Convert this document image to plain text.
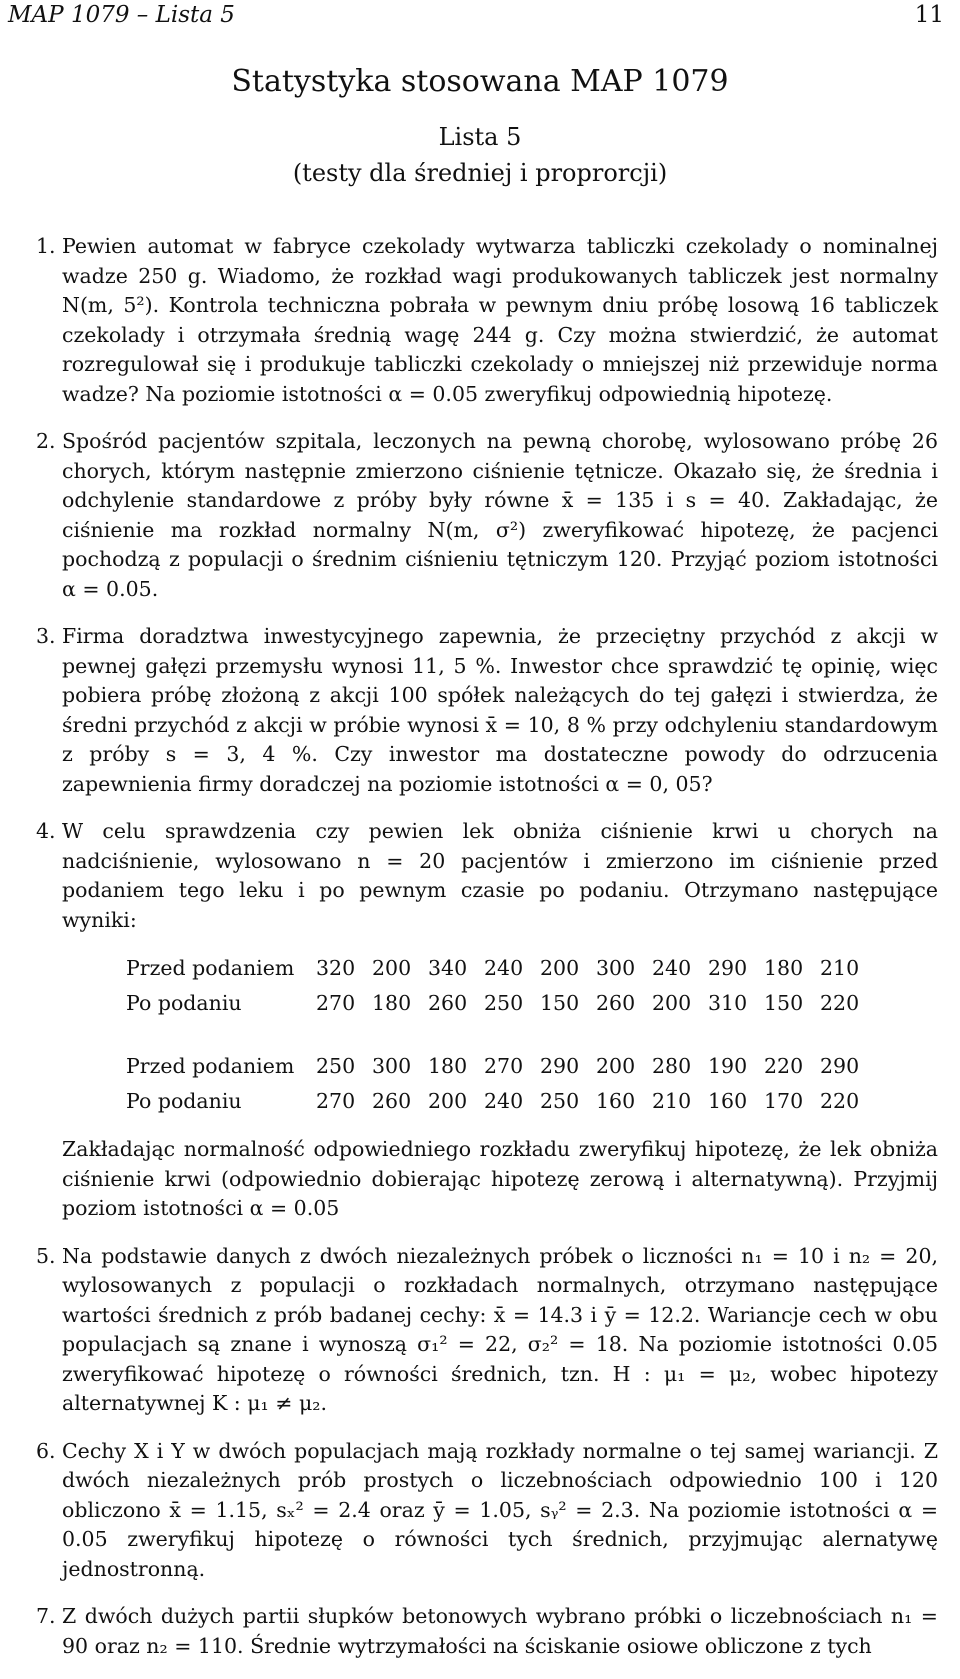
MAP 1079 – Lista 5	11
Statystyka stosowana MAP 1079
Lista 5
(testy dla średniej i proprorcji)
1. Pewien automat w fabryce czekolady wytwarza tabliczki czekolady o nominalnej wadze 250 g. Wiadomo, że rozkład wagi produkowanych tabliczek jest normalny N(m, 5²). Kontrola techniczna pobrała w pewnym dniu próbę losową 16 tabliczek czekolady i otrzymała średnią wagę 244 g. Czy można stwierdzić, że automat rozregulował się i produkuje tabliczki czekolady o mniejszej niż przewiduje norma wadze? Na poziomie istotności α = 0.05 zweryfikuj odpowiednią hipotezę.

2. Spośród pacjentów szpitala, leczonych na pewną chorobę, wylosowano próbę 26 chorych, którym następnie zmierzono ciśnienie tętnicze. Okazało się, że średnia i odchylenie standardowe z próby były równe x̄ = 135 i s = 40. Zakładając, że ciśnienie ma rozkład normalny N(m, σ²) zweryfikować hipotezę, że pacjenci pochodzą z populacji o średnim ciśnieniu tętniczym 120. Przyjąć poziom istotności α = 0.05.

3. Firma doradztwa inwestycyjnego zapewnia, że przeciętny przychód z akcji w pewnej gałęzi przemysłu wynosi 11, 5 %. Inwestor chce sprawdzić tę opinię, więc pobiera próbę złożoną z akcji 100 spółek należących do tej gałęzi i stwierdza, że średni przychód z akcji w próbie wynosi x̄ = 10, 8 % przy odchyleniu standardowym z próby s = 3, 4 %. Czy inwestor ma dostateczne powody do odrzucenia zapewnienia firmy doradczej na poziomie istotności α = 0, 05?

4. W celu sprawdzenia czy pewien lek obniża ciśnienie krwi u chorych na nadciśnienie, wylosowano n = 20 pacjentów i zmierzono im ciśnienie przed podaniem tego leku i po pewnym czasie po podaniu. Otrzymano następujące wyniki:

Przed podaniem	320	200	340	240	200	300	240	290	180	210
Po podaniu	270	180	260	250	150	260	200	310	150	220

Przed podaniem	250	300	180	270	290	200	280	190	220	290
Po podaniu	270	260	200	240	250	160	210	160	170	220

Zakładając normalność odpowiedniego rozkładu zweryfikuj hipotezę, że lek obniża ciśnienie krwi (odpowiednio dobierając hipotezę zerową i alternatywną). Przyjmij poziom istotności α = 0.05

5. Na podstawie danych z dwóch niezależnych próbek o liczności n₁ = 10 i n₂ = 20, wylosowanych z populacji o rozkładach normalnych, otrzymano następujące wartości średnich z prób badanej cechy: x̄ = 14.3 i ȳ = 12.2. Wariancje cech w obu populacjach są znane i wynoszą σ₁² = 22, σ₂² = 18. Na poziomie istotności 0.05 zweryfikować hipotezę o równości średnich, tzn. H : μ₁ = μ₂, wobec hipotezy alternatywnej K : μ₁ ≠ μ₂.

6. Cechy X i Y w dwóch populacjach mają rozkłady normalne o tej samej wariancji. Z dwóch niezależnych prób prostych o liczebnościach odpowiednio 100 i 120 obliczono x̄ = 1.15, sₓ² = 2.4 oraz ȳ = 1.05, sᵧ² = 2.3. Na poziomie istotności α = 0.05 zweryfikuj hipotezę o równości tych średnich, przyjmując alernatywę jednostronną.

7. Z dwóch dużych partii słupków betonowych wybrano próbki o liczebnościach n₁ = 90 oraz n₂ = 110. Średnie wytrzymałości na ściskanie osiowe obliczone z tych
